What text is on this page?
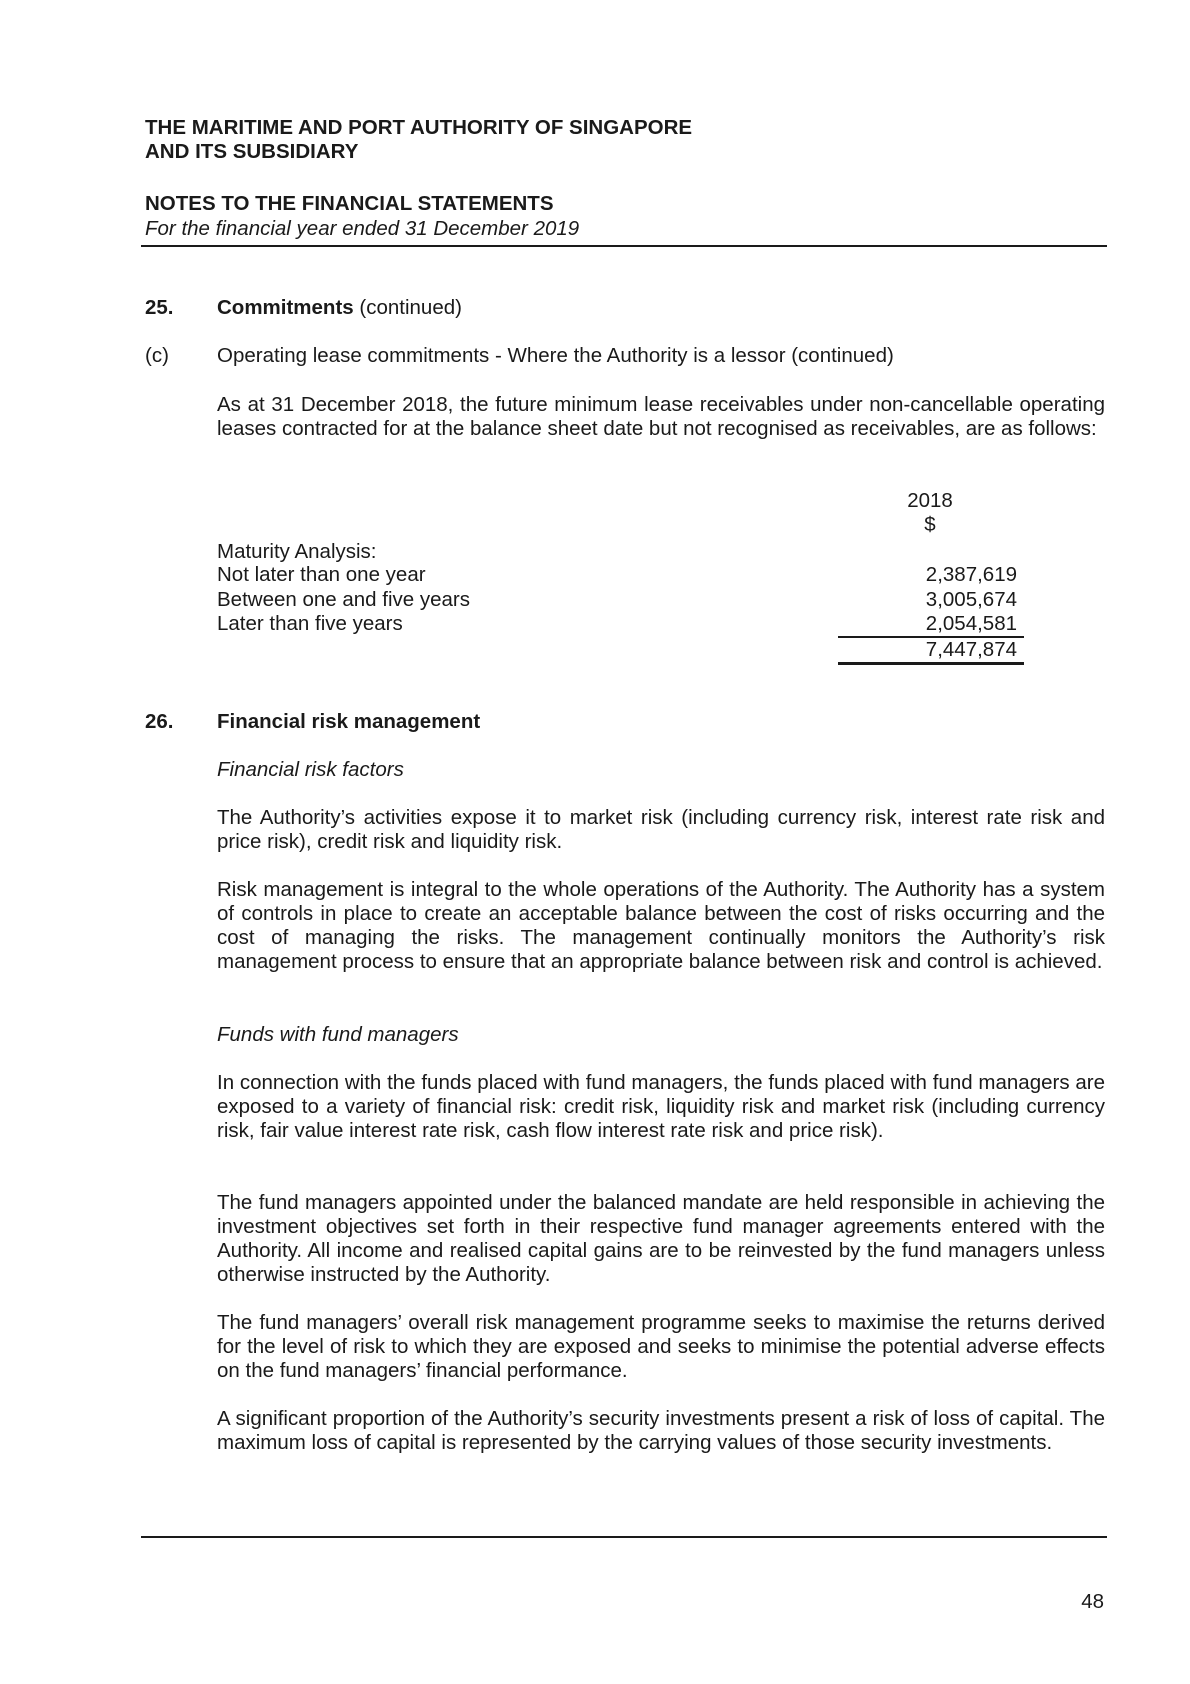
THE MARITIME AND PORT AUTHORITY OF SINGAPORE
AND ITS SUBSIDIARY
NOTES TO THE FINANCIAL STATEMENTS
For the financial year ended 31 December 2019
25. Commitments (continued)
(c) Operating lease commitments - Where the Authority is a lessor (continued)

As at 31 December 2018, the future minimum lease receivables under non-cancellable operating leases contracted for at the balance sheet date but not recognised as receivables, are as follows:

2018
$
Maturity Analysis:
Not later than one year	2,387,619
Between one and five years	3,005,674
Later than five years	2,054,581
7,447,874
26. Financial risk management
Financial risk factors

The Authority’s activities expose it to market risk (including currency risk, interest rate risk and price risk), credit risk and liquidity risk.

Risk management is integral to the whole operations of the Authority. The Authority has a system of controls in place to create an acceptable balance between the cost of risks occurring and the cost of managing the risks. The management continually monitors the Authority’s risk management process to ensure that an appropriate balance between risk and control is achieved.

Funds with fund managers

In connection with the funds placed with fund managers, the funds placed with fund managers are exposed to a variety of financial risk: credit risk, liquidity risk and market risk (including currency risk, fair value interest rate risk, cash flow interest rate risk and price risk).

The fund managers appointed under the balanced mandate are held responsible in achieving the investment objectives set forth in their respective fund manager agreements entered with the Authority. All income and realised capital gains are to be reinvested by the fund managers unless otherwise instructed by the Authority.

The fund managers’ overall risk management programme seeks to maximise the returns derived for the level of risk to which they are exposed and seeks to minimise the potential adverse effects on the fund managers’ financial performance.

A significant proportion of the Authority’s security investments present a risk of loss of capital. The maximum loss of capital is represented by the carrying values of those security investments.

48
